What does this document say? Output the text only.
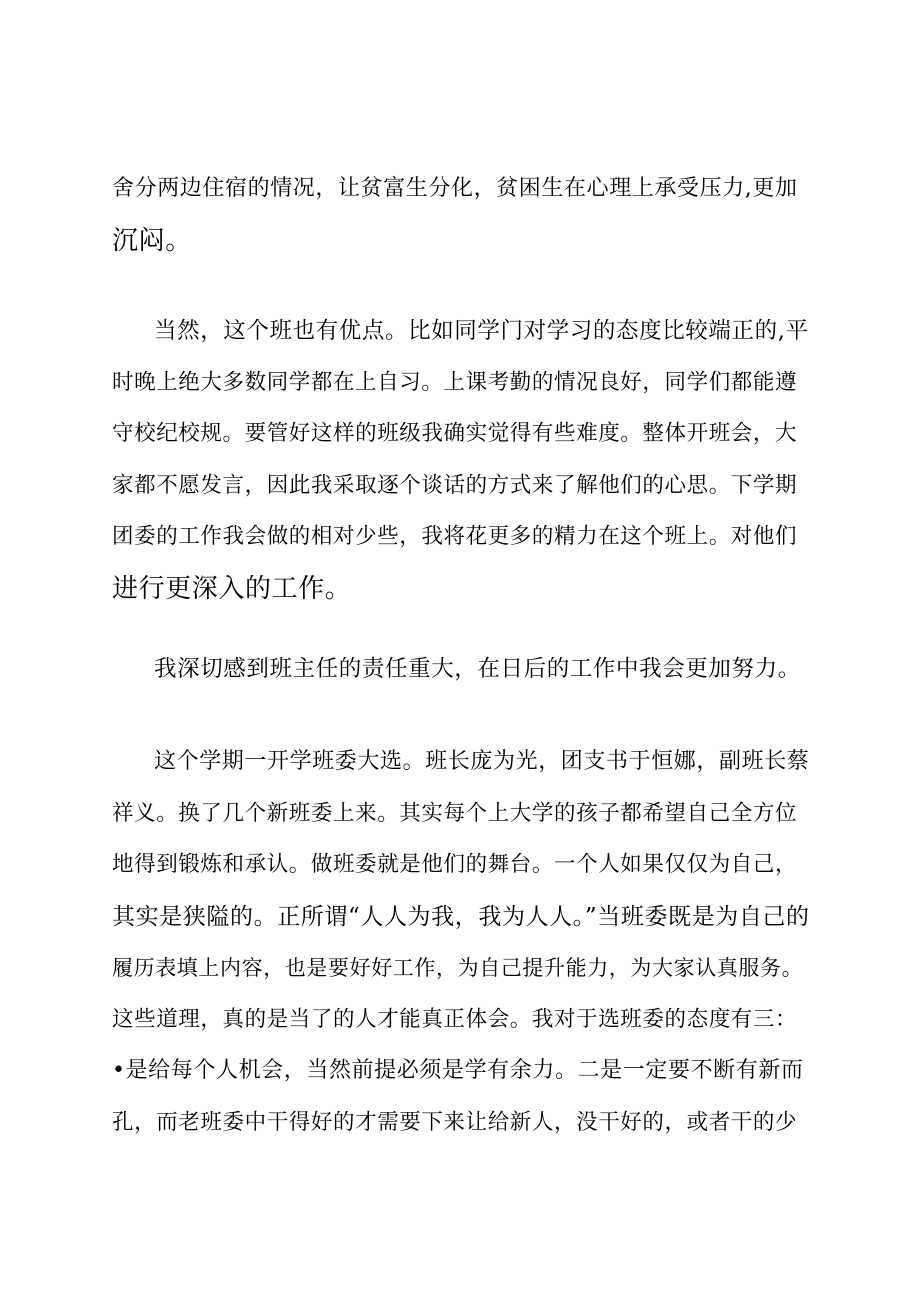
舍分两边住宿的情况，让贫富生分化，贫困生在心理上承受压力,更加
沉闷。
当然，这个班也有优点。比如同学门对学习的态度比较端正的,平
时晚上绝大多数同学都在上自习。上课考勤的情况良好，同学们都能遵
守校纪校规。要管好这样的班级我确实觉得有些难度。整体开班会，大
家都不愿发言，因此我采取逐个谈话的方式来了解他们的心思。下学期
团委的工作我会做的相对少些，我将花更多的精力在这个班上。对他们
进行更深入的工作。
我深切感到班主任的责任重大，在日后的工作中我会更加努力。
这个学期一开学班委大选。班长庞为光，团支书于恒娜，副班长蔡
祥义。换了几个新班委上来。其实每个上大学的孩子都希望自己全方位
地得到锻炼和承认。做班委就是他们的舞台。一个人如果仅仅为自己，
其实是狭隘的。正所谓“人人为我，我为人人。”当班委既是为自己的
履历表填上内容，也是要好好工作，为自己提升能力，为大家认真服务。
这些道理，真的是当了的人才能真正体会。我对于选班委的态度有三：
•是给每个人机会，当然前提必须是学有余力。二是一定要不断有新而
孔，而老班委中干得好的才需要下来让给新人，没干好的，或者干的少
